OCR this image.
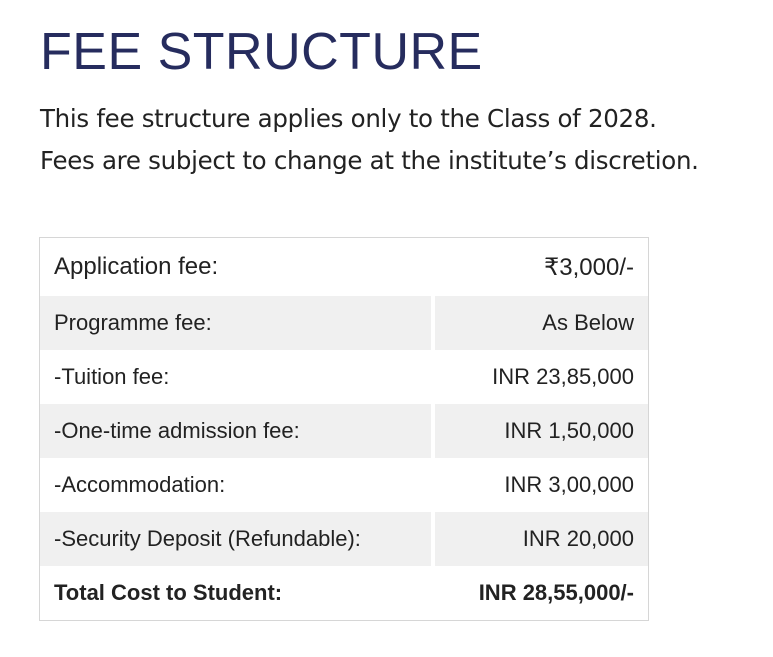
FEE STRUCTURE

This fee structure applies only to the Class of 2028.
Fees are subject to change at the institute’s discretion.

Application fee:	₹3,000/-
Programme fee:	As Below
-Tuition fee:	INR 23,85,000
-One-time admission fee:	INR 1,50,000
-Accommodation:	INR 3,00,000
-Security Deposit (Refundable):	INR 20,000
Total Cost to Student:	INR 28,55,000/-
